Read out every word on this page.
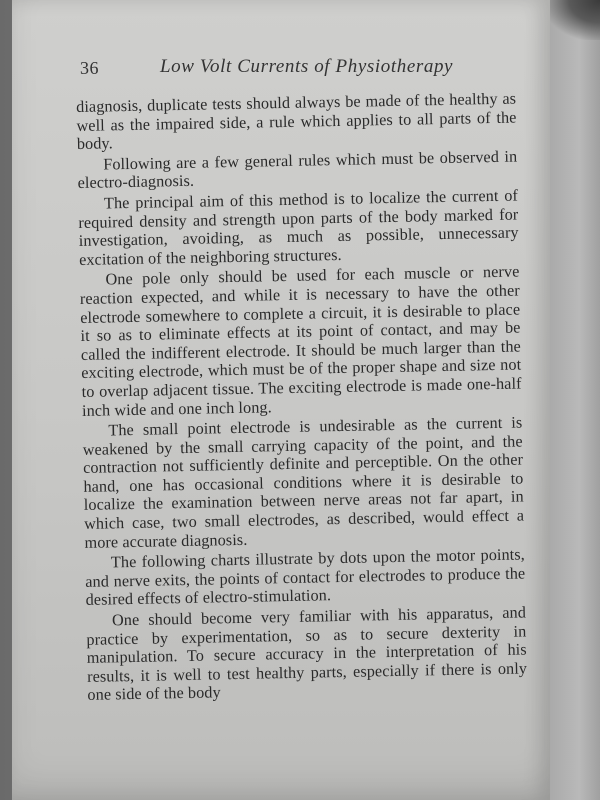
36	Low Volt Currents of Physiotherapy

diagnosis, duplicate tests should always be made of the healthy as well as the impaired side, a rule which applies to all parts of the body.

Following are a few general rules which must be observed in electro-diagnosis.

The principal aim of this method is to localize the current of required density and strength upon parts of the body marked for investigation, avoiding, as much as possible, unnecessary excitation of the neighboring structures.

One pole only should be used for each muscle or nerve reaction expected, and while it is necessary to have the other electrode somewhere to complete a circuit, it is desirable to place it so as to eliminate effects at its point of contact, and may be called the indifferent electrode. It should be much larger than the exciting electrode, which must be of the proper shape and size not to overlap adjacent tissue. The exciting electrode is made one-half inch wide and one inch long.

The small point electrode is undesirable as the current is weakened by the small carrying capacity of the point, and the contraction not sufficiently definite and perceptible. On the other hand, one has occasional conditions where it is desirable to localize the examination between nerve areas not far apart, in which case, two small electrodes, as described, would effect a more accurate diagnosis.

The following charts illustrate by dots upon the motor points, and nerve exits, the points of contact for electrodes to produce the desired effects of electro-stimulation.

One should become very familiar with his apparatus, and practice by experimentation, so as to secure dexterity in manipulation. To secure accuracy in the interpretation of his results, it is well to test healthy parts, especially if there is only one side of the body
